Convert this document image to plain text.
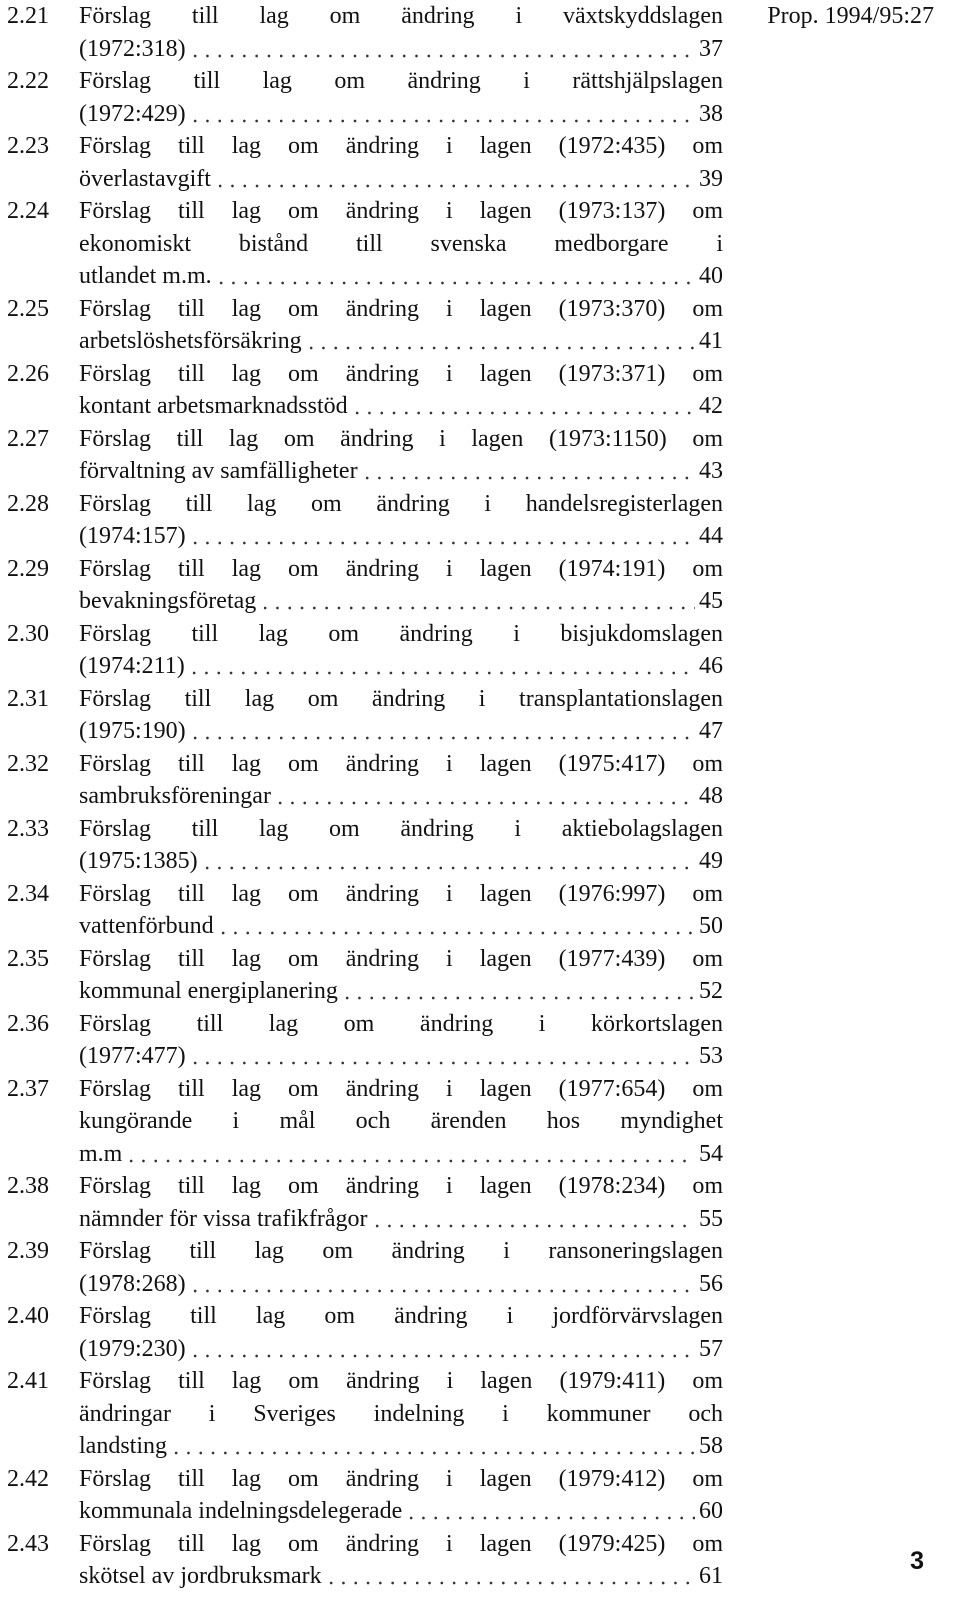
Prop. 1994/95:27
2.21	Förslag till lag om ändring i växtskyddslagen
(1972:318)	37
2.22	Förslag till lag om ändring i rättshjälpslagen
(1972:429)	38
2.23	Förslag till lag om ändring i lagen (1972:435) om
överlastavgift	39
2.24	Förslag till lag om ändring i lagen (1973:137) om
ekonomiskt bistånd till svenska medborgare i
utlandet m.m.	40
2.25	Förslag till lag om ändring i lagen (1973:370) om
arbetslöshetsförsäkring	41
2.26	Förslag till lag om ändring i lagen (1973:371) om
kontant arbetsmarknadsstöd	42
2.27	Förslag till lag om ändring i lagen (1973:1150) om
förvaltning av samfälligheter	43
2.28	Förslag till lag om ändring i handelsregisterlagen
(1974:157)	44
2.29	Förslag till lag om ändring i lagen (1974:191) om
bevakningsföretag	45
2.30	Förslag till lag om ändring i bisjukdomslagen
(1974:211)	46
2.31	Förslag till lag om ändring i transplantationslagen
(1975:190)	47
2.32	Förslag till lag om ändring i lagen (1975:417) om
sambruksföreningar	48
2.33	Förslag till lag om ändring i aktiebolagslagen
(1975:1385)	49
2.34	Förslag till lag om ändring i lagen (1976:997) om
vattenförbund	50
2.35	Förslag till lag om ändring i lagen (1977:439) om
kommunal energiplanering	52
2.36	Förslag till lag om ändring i körkortslagen
(1977:477)	53
2.37	Förslag till lag om ändring i lagen (1977:654) om
kungörande i mål och ärenden hos myndighet
m.m	54
2.38	Förslag till lag om ändring i lagen (1978:234) om
nämnder för vissa trafikfrågor	55
2.39	Förslag till lag om ändring i ransoneringslagen
(1978:268)	56
2.40	Förslag till lag om ändring i jordförvärvslagen
(1979:230)	57
2.41	Förslag till lag om ändring i lagen (1979:411) om
ändringar i Sveriges indelning i kommuner och
landsting	58
2.42	Förslag till lag om ändring i lagen (1979:412) om
kommunala indelningsdelegerade	60
2.43	Förslag till lag om ändring i lagen (1979:425) om
skötsel av jordbruksmark	61
3
